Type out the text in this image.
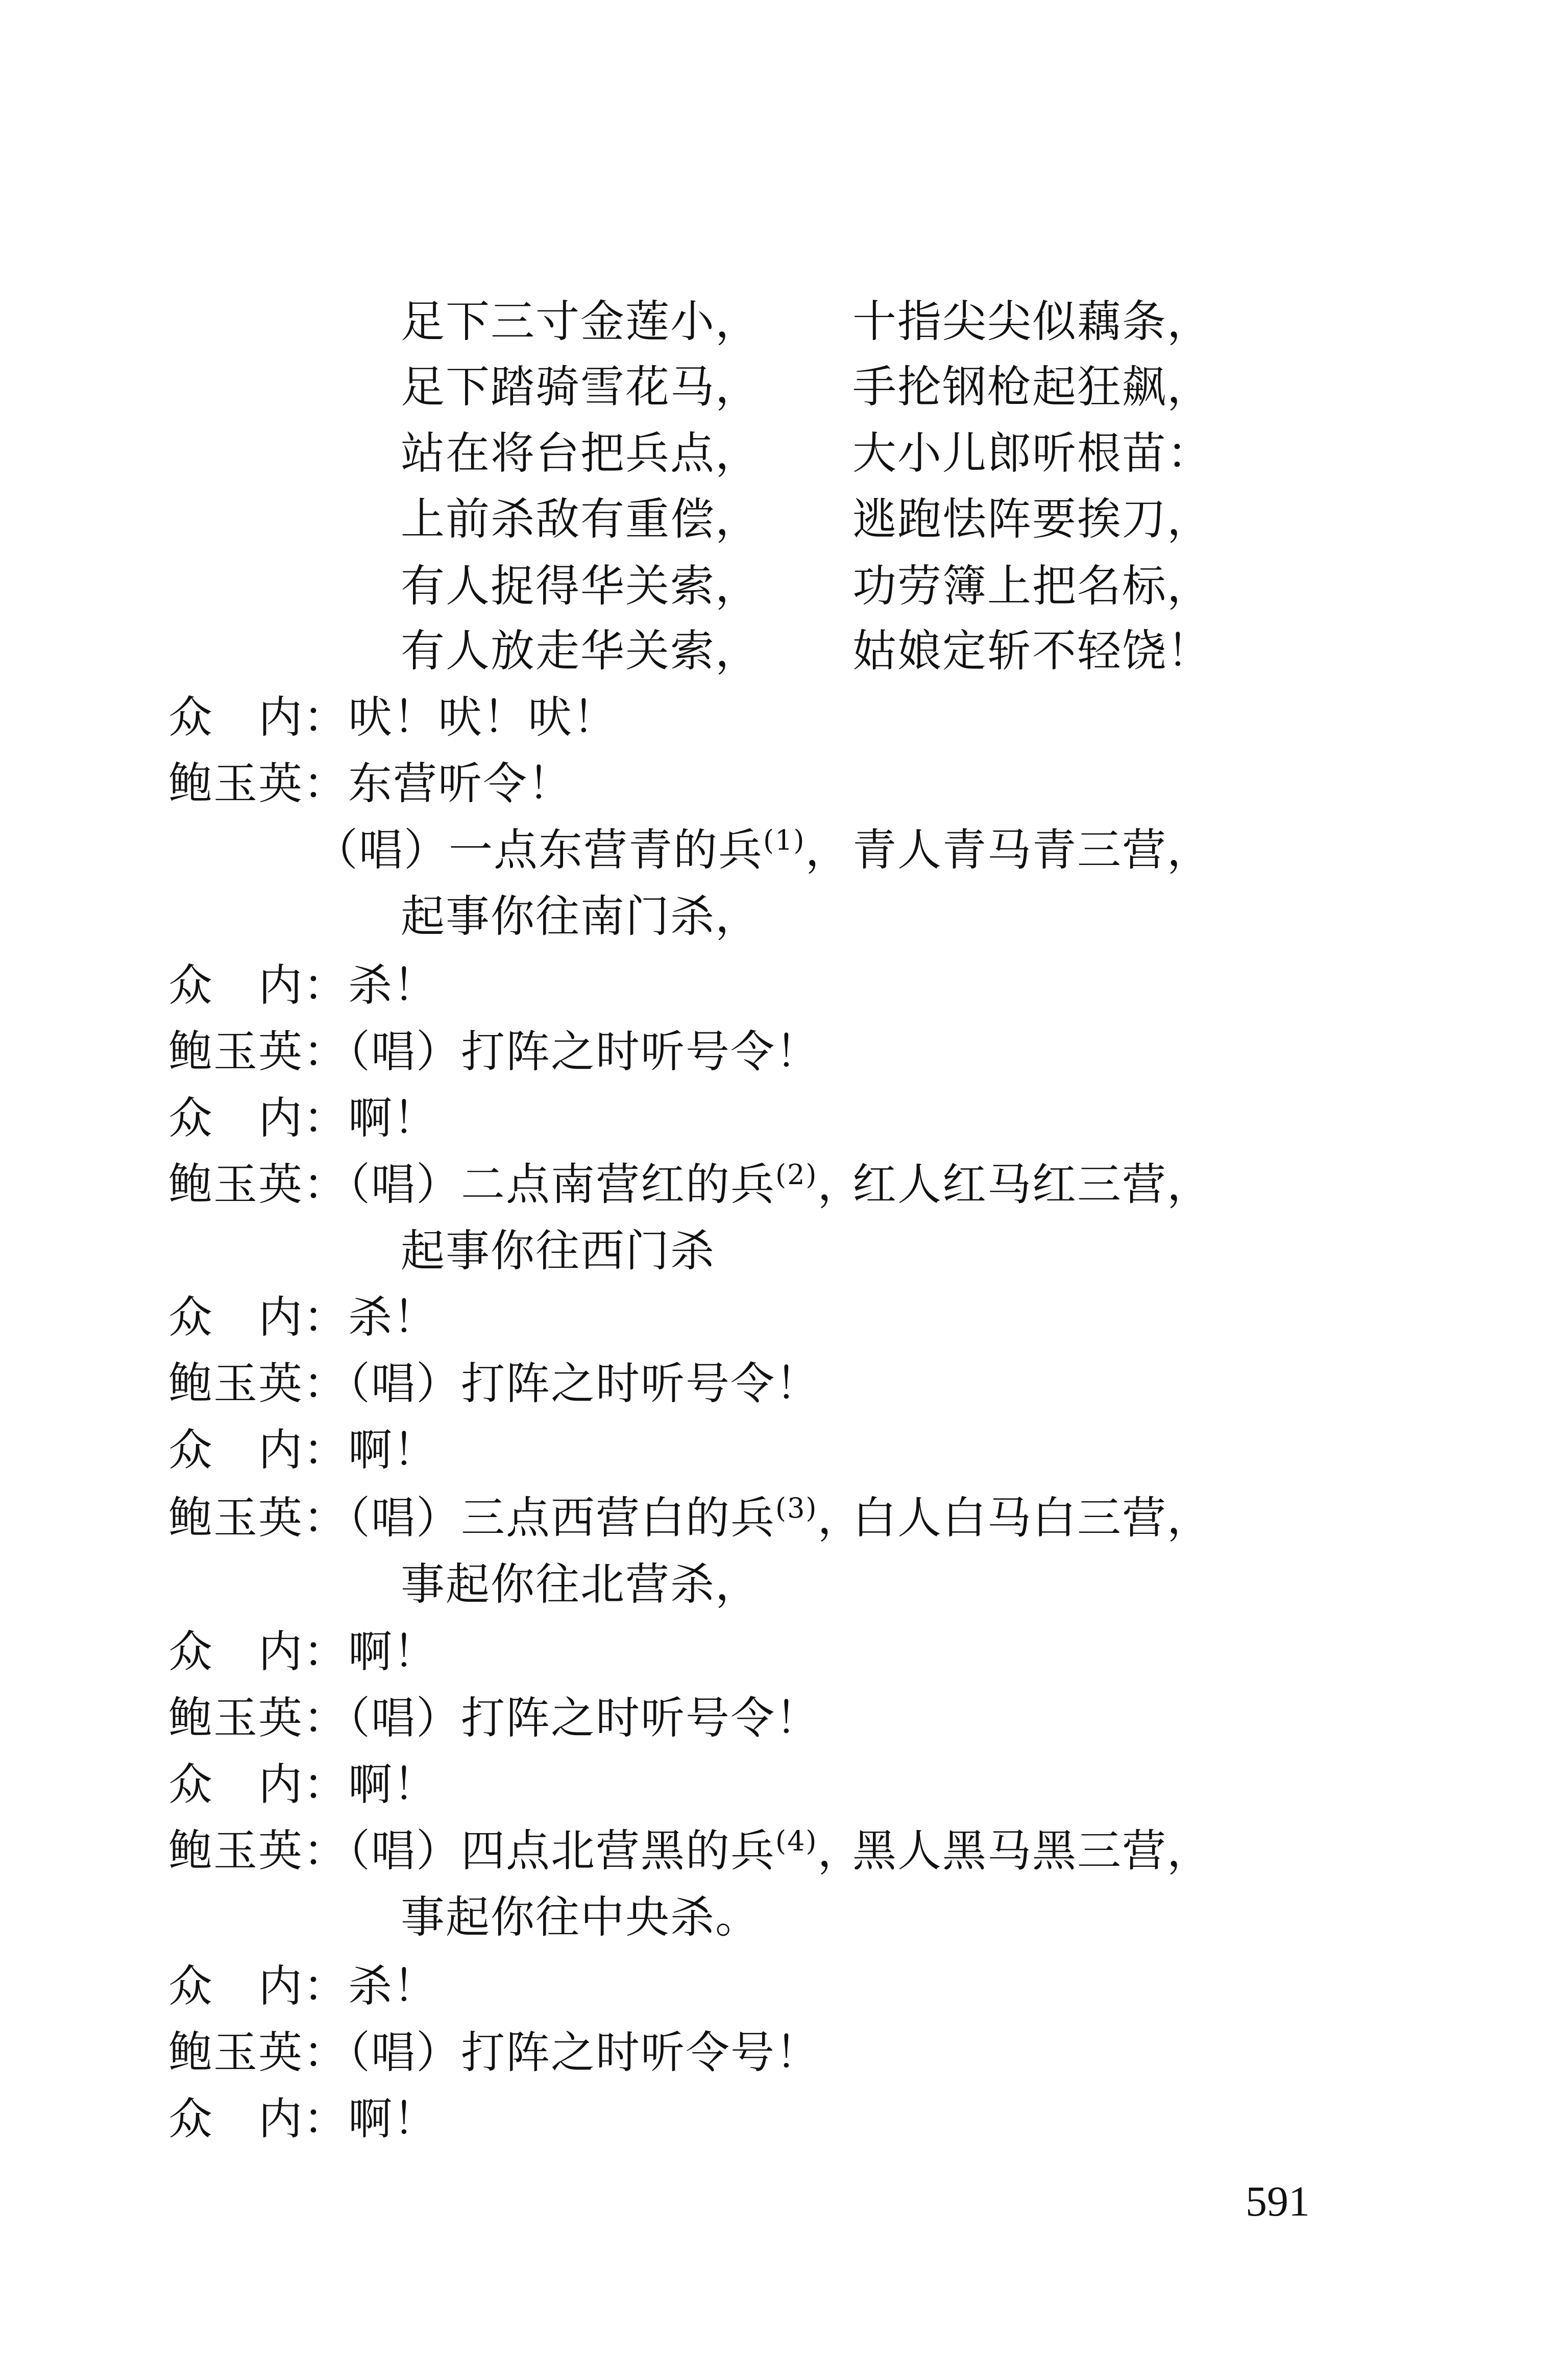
足下三寸金莲小， 十指尖尖似藕条，
足下踏骑雪花马， 手抡钢枪起狂飙，
站在将台把兵点， 大小儿郎听根苗：
上前杀敌有重偿， 逃跑怯阵要挨刀，
有人捉得华关索， 功劳簿上把名标，
有人放走华关索， 姑娘定斩不轻饶！
众　内：吠！吠！吠！
鲍玉英：东营听令！
（唱）一点东营青的兵$^{(1)}$， 青人青马青三营，
起事你往南门杀，
众　内：杀！
鲍玉英：（唱）打阵之时听号令！
众　内：啊！
鲍玉英：（唱）二点南营红的兵$^{(2)}$，
红人红马红三营，
起事你往西门杀
众　内：杀！
鲍玉英：（唱）打阵之时听号令！
众　内：啊！
鲍玉英：（唱）三点西营白的兵$^{(3)}$，
白人白马白三营，
事起你往北营杀，
众　内：啊！
鲍玉英：（唱）打阵之时听号令！
众　内：啊！
鲍玉英：（唱）四点北营黑的兵$^{(4)}$，
黑人黑马黑三营，
事起你往中央杀。
众　内：杀！
鲍玉英：（唱）打阵之时听令号！
众　内：啊！
591
